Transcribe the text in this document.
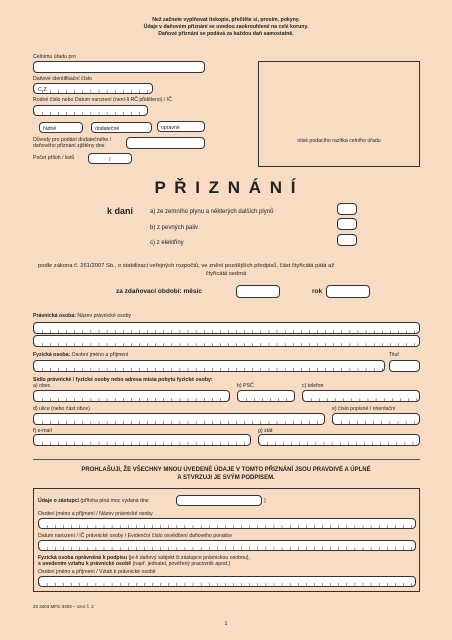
Než začnete vyplňovat tiskopis, přečtěte si, prosím, pokyny.
Údaje v daňovém přiznání se uvedou zaokrouhlené na celé koruny.
Daňové přiznání se podává za každou daň samostatně.
Celnímu úřadu pro
Daňové identifikační číslo
C Z
Rodné číslo nebo Datum narození (není-li RČ přiděleno) / IČ
řádné	dodatečné	opravné
Důvody pro podání dodatečného /
daňového přiznání zjištěny dne
Počet příloh / listů	/
otisk podacího razítka celního úřadu
P Ř I Z N Á N Í
k dani	a) ze zemního plynu a některých dalších plynů
b) z pevných paliv
c) z elektřiny
podle zákona č. 261/2007 Sb., o stabilizaci veřejných rozpočtů, ve znění pozdějších předpisů, část čtyřicátá pátá až
čtyřicátá sedmá
za zdaňovací období: měsíc	rok
Právnická osoba: Název právnické osoby
Fyzická osoba: Osobní jméno a příjmení	Titul
Sídlo právnické / fyzické osoby nebo adresa místa pobytu fyzické osoby:
a) obec	b) PSČ	c) telefon
d) ulice (nebo část obce)	e) číslo popisné / orientační
f) e-mail	g) stát
PROHLAŠUJI, ŽE VŠECHNY MNOU UVEDENÉ ÚDAJE V TOMTO PŘIZNÁNÍ JSOU PRAVDIVÉ A ÚPLNÉ
A STVRZUJI JE SVÝM PODPISEM.
Údaje o zástupci (příloha plná moc vydaná dne	)
Osobní jméno a příjmení / Název právnické osoby
Datum narození / IČ právnické osoby / Evidenční číslo osvědčení daňového poradce
Fyzická osoba oprávněná k podpisu (je-li daňový subjekt či zástupce právnickou osobou),
s uvedením vztahu k právnické osobě (např. jednatel, pověřený pracovník apod.)
Osobní jméno a příjmení / Vztah k právnické osobě
25 3403 MFin 3403 – vzor č. 2
1
